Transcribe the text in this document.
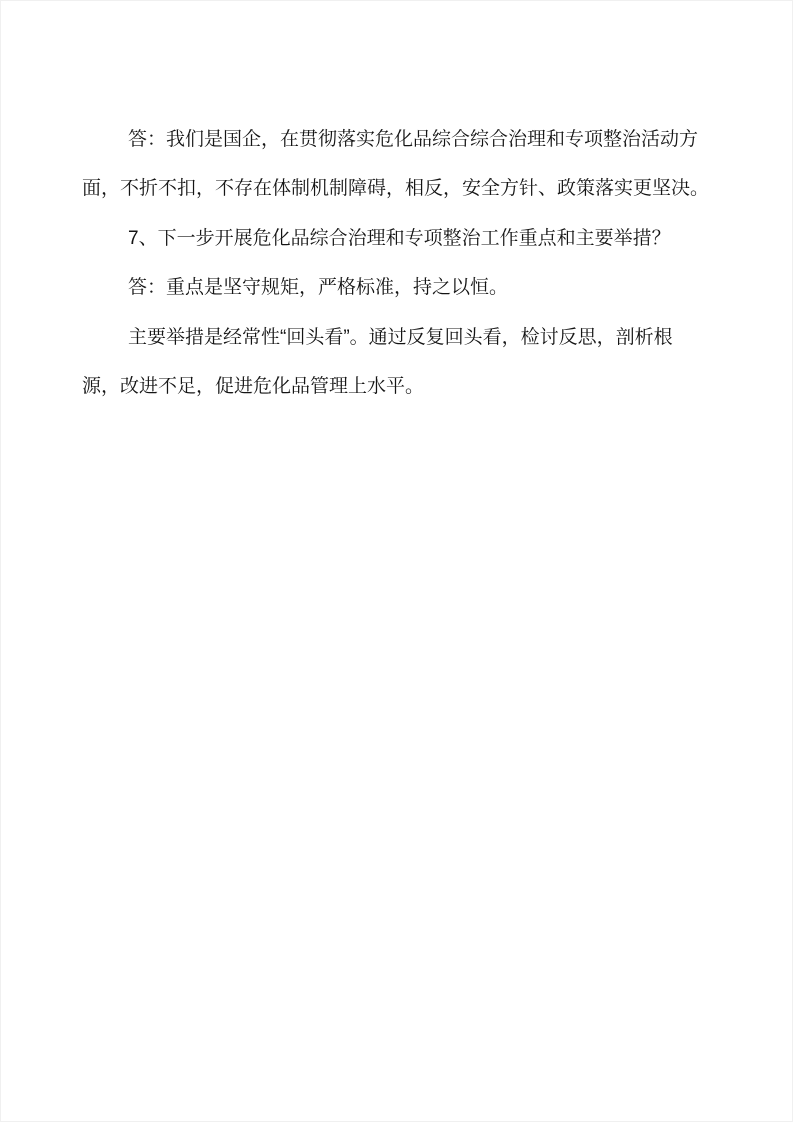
答：我们是国企，在贯彻落实危化品综合综合治理和专项整治活动方
面，不折不扣，不存在体制机制障碍，相反，安全方针、政策落实更坚决。
7、下一步开展危化品综合治理和专项整治工作重点和主要举措？
答：重点是坚守规矩，严格标准，持之以恒。
主要举措是经常性“回头看”。通过反复回头看，检讨反思，剖析根
源，改进不足，促进危化品管理上水平。
